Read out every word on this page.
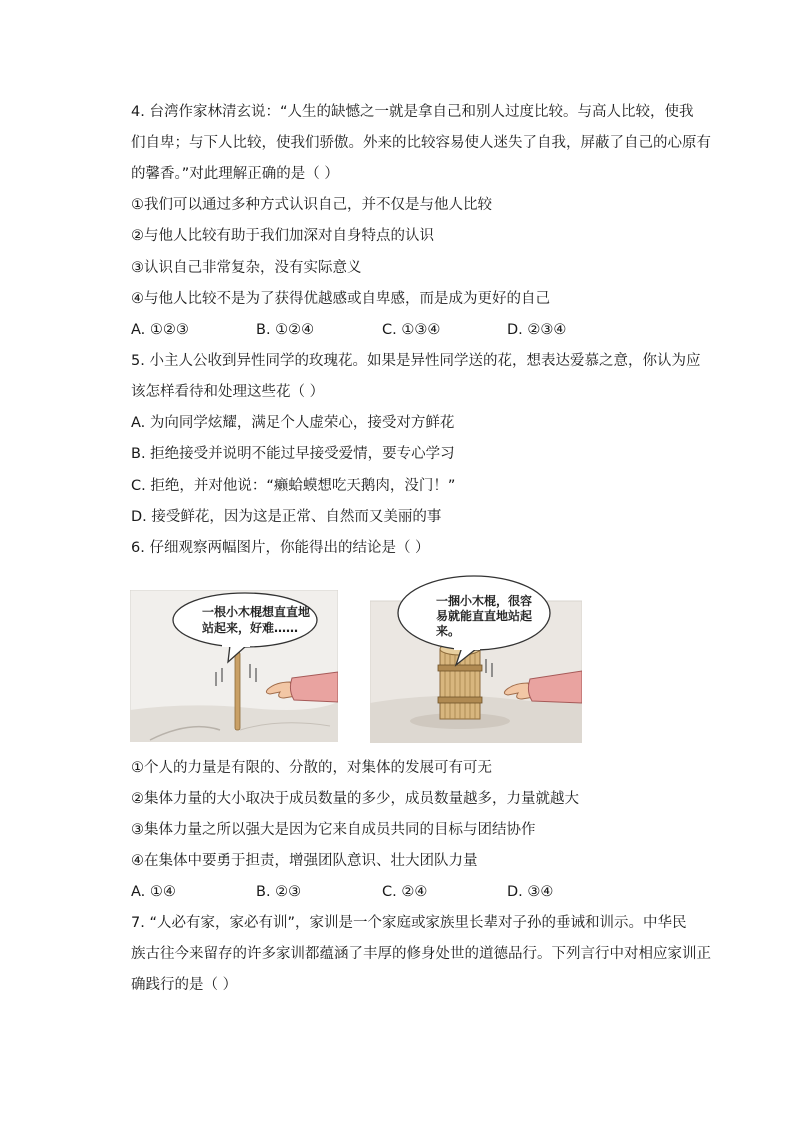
4. 台湾作家林清玄说：“人生的缺憾之一就是拿自己和别人过度比较。与高人比较，使我
们自卑；与下人比较，使我们骄傲。外来的比较容易使人迷失了自我，屏蔽了自己的心原有
的馨香。”对此理解正确的是（ ）
①我们可以通过多种方式认识自己，并不仅是与他人比较
②与他人比较有助于我们加深对自身特点的认识
③认识自己非常复杂，没有实际意义
④与他人比较不是为了获得优越感或自卑感，而是成为更好的自己
A. ①②③	B. ①②④	C. ①③④	D. ②③④
5. 小主人公收到异性同学的玫瑰花。如果是异性同学送的花，想表达爱慕之意，你认为应
该怎样看待和处理这些花（ ）
A. 为向同学炫耀，满足个人虚荣心，接受对方鲜花
B. 拒绝接受并说明不能过早接受爱情，要专心学习
C. 拒绝，并对他说：“癞蛤蟆想吃天鹅肉，没门！”
D. 接受鲜花，因为这是正常、自然而又美丽的事
6. 仔细观察两幅图片，你能得出的结论是（ ）
一根小木棍想直直地
站起来，好难……
一捆小木棍，很容
易就能直直地站起
来。
①个人的力量是有限的、分散的，对集体的发展可有可无
②集体力量的大小取决于成员数量的多少，成员数量越多，力量就越大
③集体力量之所以强大是因为它来自成员共同的目标与团结协作
④在集体中要勇于担责，增强团队意识、壮大团队力量
A. ①④	B. ②③	C. ②④	D. ③④
7. “人必有家，家必有训”，家训是一个家庭或家族里长辈对子孙的垂诫和训示。中华民
族古往今来留存的许多家训都蕴涵了丰厚的修身处世的道德品行。下列言行中对相应家训正
确践行的是（ ）
